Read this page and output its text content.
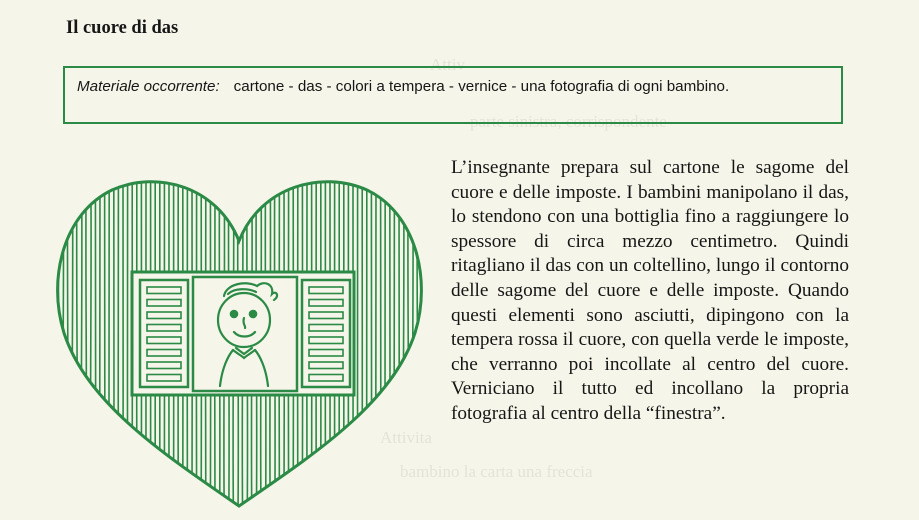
Attiv
parte sinistra, corrispondente
Attivita
bambino la carta una freccia
Il cuore di das
Materiale occorrente: cartone - das - colori a tempera - vernice - una fotografia di ogni bambino.
L’insegnante prepara sul cartone le sagome del cuore e delle imposte. I bambini manipolano il das, lo stendono con una bottiglia fino a raggiungere lo spessore di circa mezzo centimetro. Quindi ritagliano il das con un coltellino, lungo il contorno delle sagome del cuore e delle imposte. Quando questi elementi sono asciutti, dipingono con la tempera rossa il cuore, con quella verde le imposte, che verranno poi incollate al centro del cuore. Verniciano il tutto ed incollano la propria fotografia al centro della “finestra”.
